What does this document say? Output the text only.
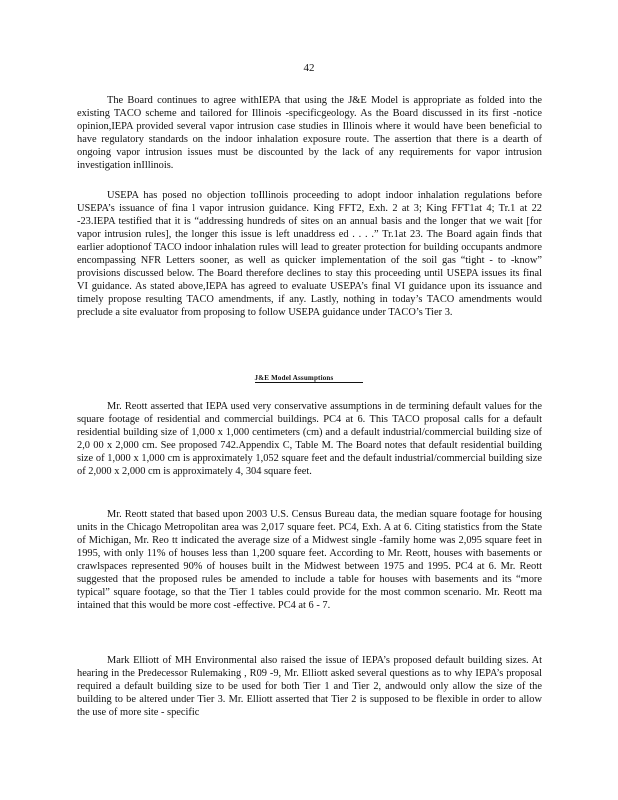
42

The Board continues to agree withIEPA that using the J&E Model is appropriate as folded into the existing TACO scheme and tailored for Illinois -specificgeology. As the Board discussed in its first -notice opinion,IEPA provided several vapor intrusion case studies in Illinois where it would have been beneficial to have regulatory standards on the indoor inhalation exposure route. The assertion that there is a dearth of ongoing vapor intrusion issues must be discounted by the lack of any requirements for vapor intrusion investigation inIllinois.

USEPA has posed no objection toIllinois proceeding to adopt indoor inhalation regulations before USEPA’s issuance of fina l vapor intrusion guidance. King FFT2, Exh. 2 at 3; King FFT1at 4; Tr.1 at 22 -23.IEPA testified that it is “addressing hundreds of sites on an annual basis and the longer that we wait [for vapor intrusion rules], the longer this issue is left unaddress ed . . . .” Tr.1at 23. The Board again finds that earlier adoptionof TACO indoor inhalation rules will lead to greater protection for building occupants andmore encompassing NFR Letters sooner, as well as quicker implementation of the soil gas “tight - to -know” provisions discussed below. The Board therefore declines to stay this proceeding until USEPA issues its final VI guidance. As stated above,IEPA has agreed to evaluate USEPA’s final VI guidance upon its issuance and timely propose resulting TACO amendments, if any. Lastly, nothing in today’s TACO amendments would preclude a site evaluator from proposing to follow USEPA guidance under TACO’s Tier 3.

J&E Model Assumptions

Mr. Reott asserted that IEPA used very conservative assumptions in de termining default values for the square footage of residential and commercial buildings. PC4 at 6. This TACO proposal calls for a default residential building size of 1,000 x 1,000 centimeters (cm) and a default industrial/commercial building size of 2,0 00 x 2,000 cm. See proposed 742.Appendix C, Table M. The Board notes that default residential building size of 1,000 x 1,000 cm is approximately 1,052 square feet and the default industrial/commercial building size of 2,000 x 2,000 cm is approximately 4, 304 square feet.

Mr. Reott stated that based upon 2003 U.S. Census Bureau data, the median square footage for housing units in the Chicago Metropolitan area was 2,017 square feet. PC4, Exh. A at 6. Citing statistics from the State of Michigan, Mr. Reo tt indicated the average size of a Midwest single -family home was 2,095 square feet in 1995, with only 11% of houses less than 1,200 square feet. According to Mr. Reott, houses with basements or crawlspaces represented 90% of houses built in the Midwest between 1975 and 1995. PC4 at 6. Mr. Reott suggested that the proposed rules be amended to include a table for houses with basements and its “more typical” square footage, so that the Tier 1 tables could provide for the most common scenario. Mr. Reott ma intained that this would be more cost -effective. PC4 at 6 - 7.

Mark Elliott of MH Environmental also raised the issue of IEPA’s proposed default building sizes. At hearing in the Predecessor Rulemaking , R09 -9, Mr. Elliott asked several questions as to why IEPA’s proposal required a default building size to be used for both Tier 1 and Tier 2, andwould only allow the size of the building to be altered under Tier 3. Mr. Elliott asserted that Tier 2 is supposed to be flexible in order to allow the use of more site - specific
